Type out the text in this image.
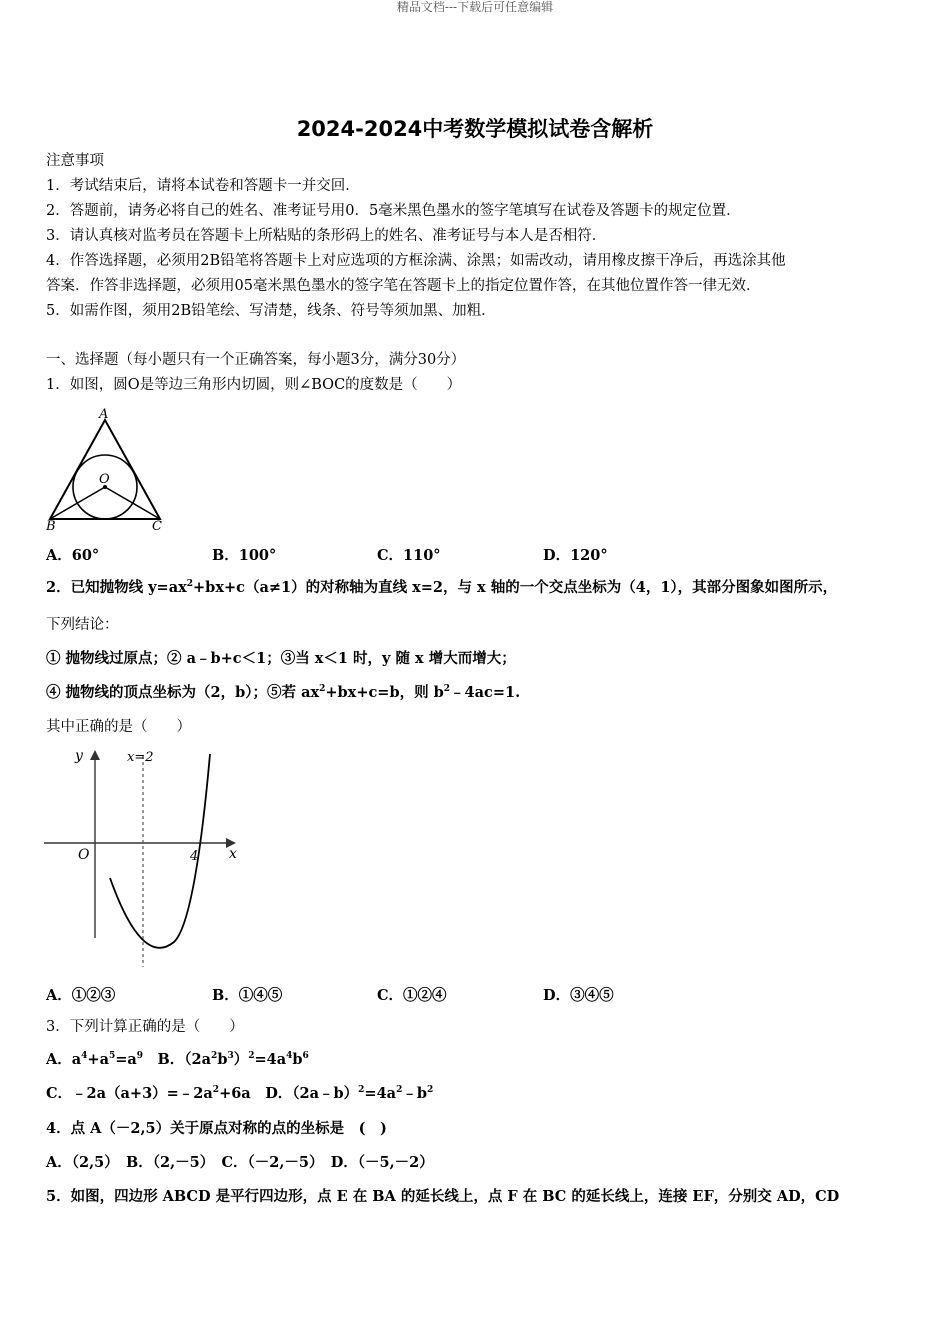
精品文档---下载后可任意编辑
2024-2024中考数学模拟试卷含解析
注意事项
1．考试结束后，请将本试卷和答题卡一并交回．
2．答题前，请务必将自己的姓名、准考证号用0．5毫米黑色墨水的签字笔填写在试卷及答题卡的规定位置．
3．请认真核对监考员在答题卡上所粘贴的条形码上的姓名、准考证号与本人是否相符．
4．作答选择题，必须用2B铅笔将答题卡上对应选项的方框涂满、涂黑；如需改动，请用橡皮擦干净后，再选涂其他
答案．作答非选择题，必须用05毫米黑色墨水的签字笔在答题卡上的指定位置作答，在其他位置作答一律无效．
5．如需作图，须用2B铅笔绘、写清楚，线条、符号等须加黑、加粗．
一、选择题（每小题只有一个正确答案，每小题3分，满分30分）
1．如图，圆O是等边三角形内切圆，则∠BOC的度数是（　　）
A
B	C
O
A．60°	B．100°	C．110°	D．120°
2．已知抛物线 $y=ax^2+bx+c(a\ne 1)$的对称轴为直线 x=2，与 x 轴的一个交点坐标为（4，1），其部分图象如图所示，
下列结论：
① 抛物线过原点；② a﹣b+c＜1；③当 x＜1 时，y 随 x 增大而增大；
④ 抛物线的顶点坐标为（2，b）；⑤若 $ax^2+bx+c=b$，则 $b^2﹣4ac=1$.
其中正确的是（　　）
y
x
O
x=2
4
A．①②③	B．①④⑤	C．①②④	D．③④⑤
3．下列计算正确的是（　　）
A．$a^4+a^5=a^9$　B．$(2a^2b^3)^2=4a^4b^6$
C．$﹣2a(a+3)=﹣2a^2+6a$　D．$(2a﹣b)^2=4a^2﹣b^2$
4．点 A（－2,5）关于原点对称的点的坐标是　(　)
A．（2,5）　B．（2,－5）　C．（－2,－5）　D．（－5,－2）
5．如图，四边形 ABCD 是平行四边形，点 E 在 BA 的延长线上，点 F 在 BC 的延长线上，连接 EF，分别交 AD，CD
